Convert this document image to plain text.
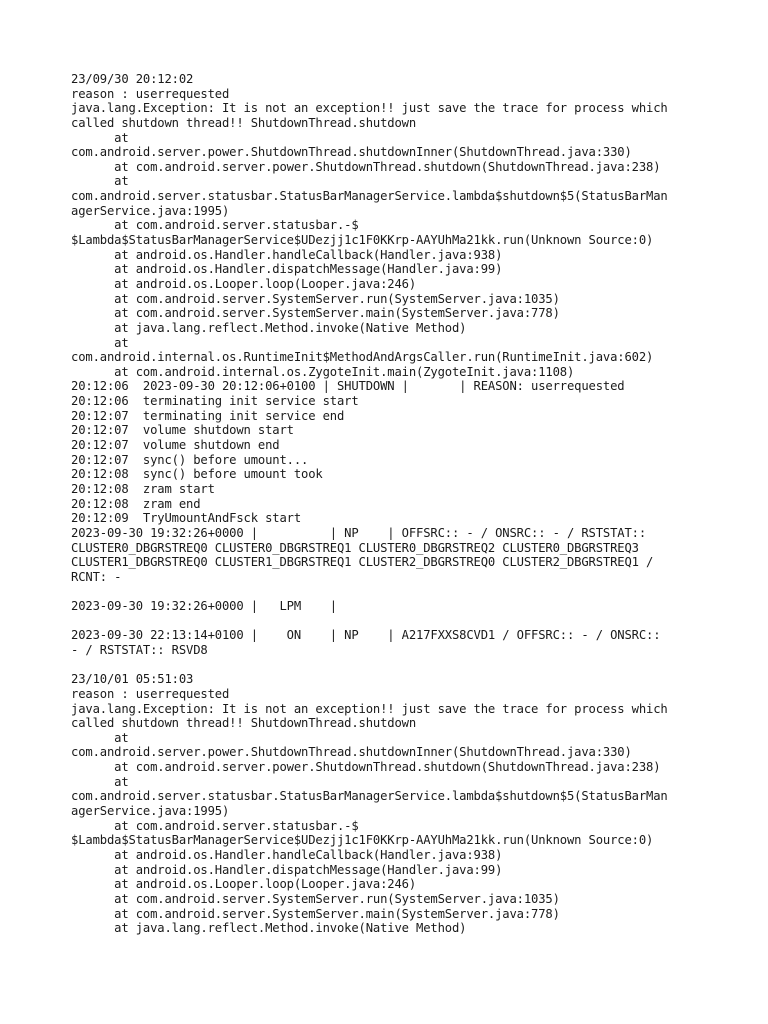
23/09/30 20:12:02
reason : userrequested
java.lang.Exception: It is not an exception!! just save the trace for process which
called shutdown thread!! ShutdownThread.shutdown
at
com.android.server.power.ShutdownThread.shutdownInner(ShutdownThread.java:330)
at com.android.server.power.ShutdownThread.shutdown(ShutdownThread.java:238)
at
com.android.server.statusbar.StatusBarManagerService.lambda$shutdown$5(StatusBarMan
agerService.java:1995)
at com.android.server.statusbar.-$
$Lambda$StatusBarManagerService$UDezjj1c1F0KKrp-AAYUhMa21kk.run(Unknown Source:0)
at android.os.Handler.handleCallback(Handler.java:938)
at android.os.Handler.dispatchMessage(Handler.java:99)
at android.os.Looper.loop(Looper.java:246)
at com.android.server.SystemServer.run(SystemServer.java:1035)
at com.android.server.SystemServer.main(SystemServer.java:778)
at java.lang.reflect.Method.invoke(Native Method)
at
com.android.internal.os.RuntimeInit$MethodAndArgsCaller.run(RuntimeInit.java:602)
at com.android.internal.os.ZygoteInit.main(ZygoteInit.java:1108)
20:12:06  2023-09-30 20:12:06+0100 | SHUTDOWN |       | REASON: userrequested
20:12:06  terminating init service start
20:12:07  terminating init service end
20:12:07  volume shutdown start
20:12:07  volume shutdown end
20:12:07  sync() before umount...
20:12:08  sync() before umount took
20:12:08  zram start
20:12:08  zram end
20:12:09  TryUmountAndFsck start
2023-09-30 19:32:26+0000 |          | NP    | OFFSRC:: - / ONSRC:: - / RSTSTAT::
CLUSTER0_DBGRSTREQ0 CLUSTER0_DBGRSTREQ1 CLUSTER0_DBGRSTREQ2 CLUSTER0_DBGRSTREQ3
CLUSTER1_DBGRSTREQ0 CLUSTER1_DBGRSTREQ1 CLUSTER2_DBGRSTREQ0 CLUSTER2_DBGRSTREQ1 /
RCNT: -
2023-09-30 19:32:26+0000 |   LPM    |
2023-09-30 22:13:14+0100 |    ON    | NP    | A217FXXS8CVD1 / OFFSRC:: - / ONSRC::
- / RSTSTAT:: RSVD8
23/10/01 05:51:03
reason : userrequested
java.lang.Exception: It is not an exception!! just save the trace for process which
called shutdown thread!! ShutdownThread.shutdown
at
com.android.server.power.ShutdownThread.shutdownInner(ShutdownThread.java:330)
at com.android.server.power.ShutdownThread.shutdown(ShutdownThread.java:238)
at
com.android.server.statusbar.StatusBarManagerService.lambda$shutdown$5(StatusBarMan
agerService.java:1995)
at com.android.server.statusbar.-$
$Lambda$StatusBarManagerService$UDezjj1c1F0KKrp-AAYUhMa21kk.run(Unknown Source:0)
at android.os.Handler.handleCallback(Handler.java:938)
at android.os.Handler.dispatchMessage(Handler.java:99)
at android.os.Looper.loop(Looper.java:246)
at com.android.server.SystemServer.run(SystemServer.java:1035)
at com.android.server.SystemServer.main(SystemServer.java:778)
at java.lang.reflect.Method.invoke(Native Method)
